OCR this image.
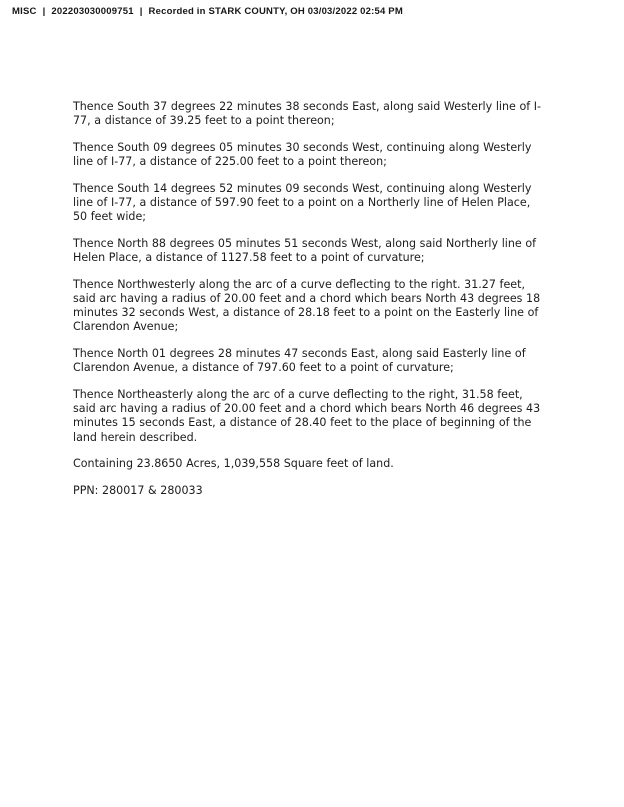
MISC | 202203030009751 | Recorded in STARK COUNTY, OH 03/03/2022 02:54 PM

Thence South 37 degrees 22 minutes 38 seconds East, along said Westerly line of I-77, a distance of 39.25 feet to a point thereon;

Thence South 09 degrees 05 minutes 30 seconds West, continuing along Westerly line of I-77, a distance of 225.00 feet to a point thereon;

Thence South 14 degrees 52 minutes 09 seconds West, continuing along Westerly line of I-77, a distance of 597.90 feet to a point on a Northerly line of Helen Place, 50 feet wide;

Thence North 88 degrees 05 minutes 51 seconds West, along said Northerly line of Helen Place, a distance of 1127.58 feet to a point of curvature;

Thence Northwesterly along the arc of a curve deflecting to the right. 31.27 feet, said arc having a radius of 20.00 feet and a chord which bears North 43 degrees 18 minutes 32 seconds West, a distance of 28.18 feet to a point on the Easterly line of Clarendon Avenue;

Thence North 01 degrees 28 minutes 47 seconds East, along said Easterly line of Clarendon Avenue, a distance of 797.60 feet to a point of curvature;

Thence Northeasterly along the arc of a curve deflecting to the right, 31.58 feet, said arc having a radius of 20.00 feet and a chord which bears North 46 degrees 43 minutes 15 seconds East, a distance of 28.40 feet to the place of beginning of the land herein described.

Containing 23.8650 Acres, 1,039,558 Square feet of land.

PPN: 280017 & 280033
